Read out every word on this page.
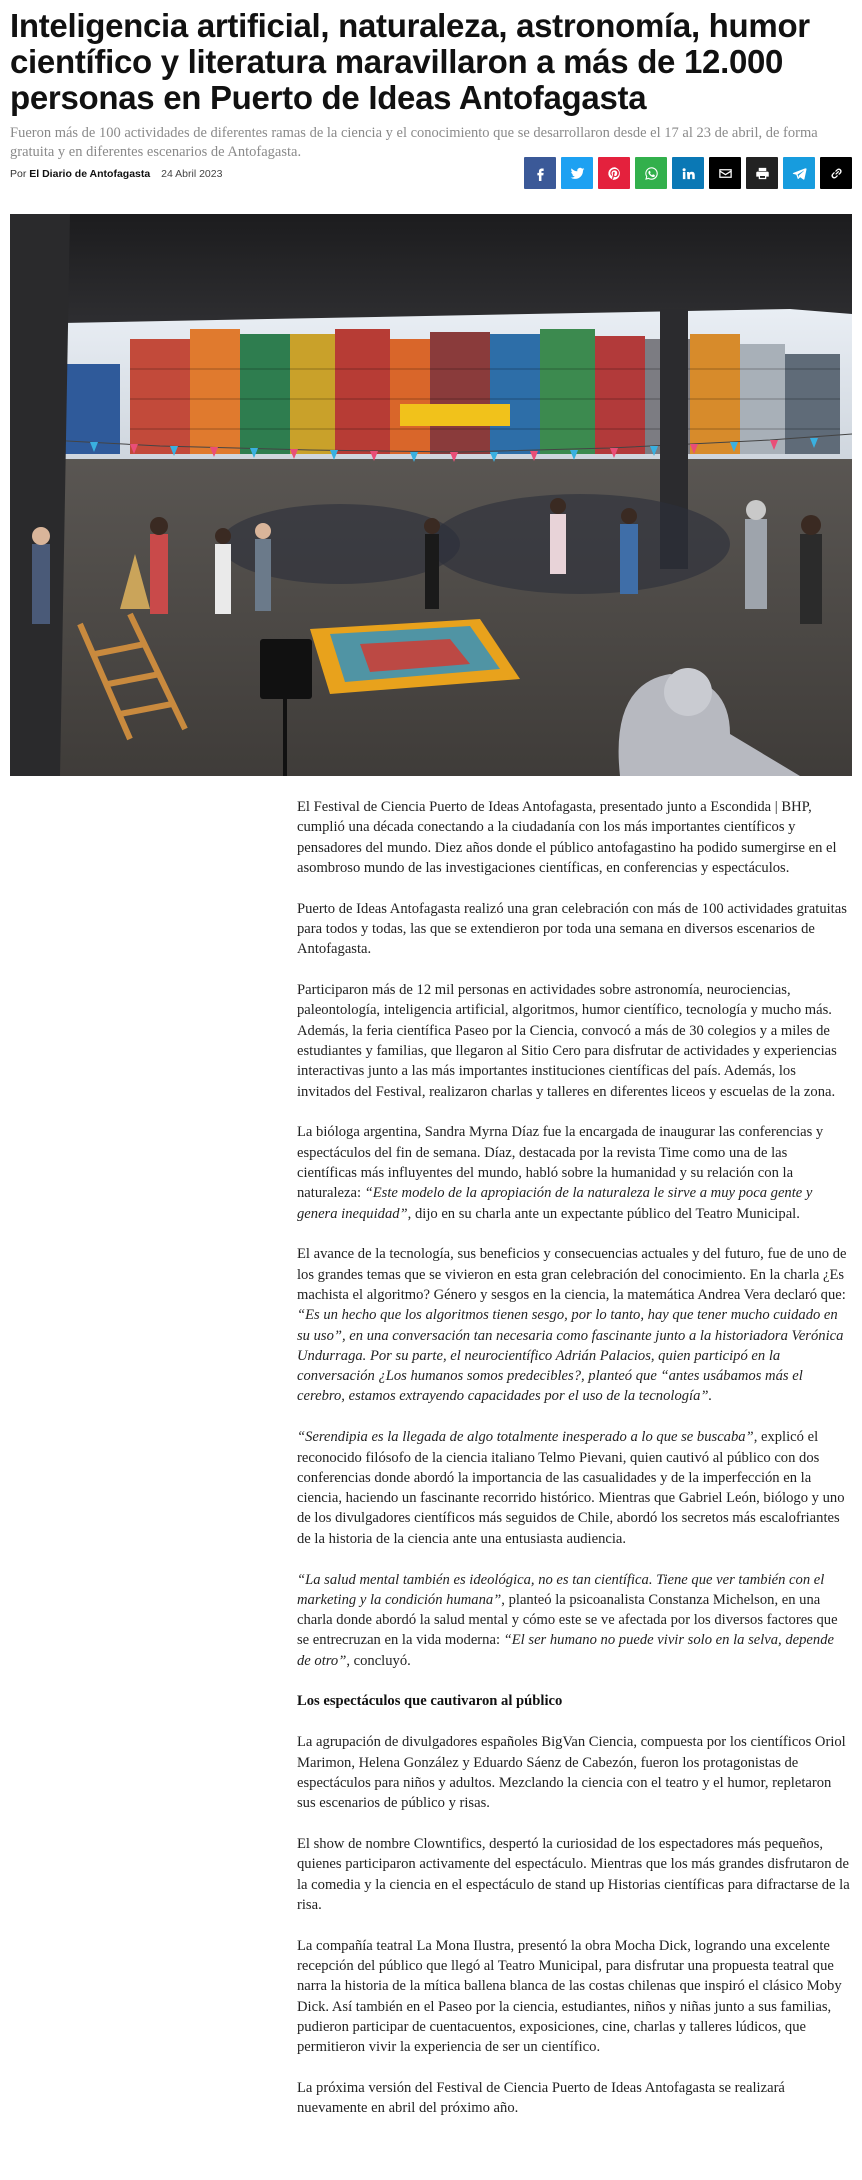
Inteligencia artificial, naturaleza, astronomía, humor científico y literatura maravillaron a más de 12.000 personas en Puerto de Ideas Antofagasta

Fueron más de 100 actividades de diferentes ramas de la ciencia y el conocimiento que se desarrollaron desde el 17 al 23 de abril, de forma gratuita y en diferentes escenarios de Antofagasta.

Por El Diario de Antofagasta 24 Abril 2023

El Festival de Ciencia Puerto de Ideas Antofagasta, presentado junto a Escondida | BHP, cumplió una década conectando a la ciudadanía con los más importantes científicos y pensadores del mundo. Diez años donde el público antofagastino ha podido sumergirse en el asombroso mundo de las investigaciones científicas, en conferencias y espectáculos.

Puerto de Ideas Antofagasta realizó una gran celebración con más de 100 actividades gratuitas para todos y todas, las que se extendieron por toda una semana en diversos escenarios de Antofagasta.

Participaron más de 12 mil personas en actividades sobre astronomía, neurociencias, paleontología, inteligencia artificial, algoritmos, humor científico, tecnología y mucho más. Además, la feria científica Paseo por la Ciencia, convocó a más de 30 colegios y a miles de estudiantes y familias, que llegaron al Sitio Cero para disfrutar de actividades y experiencias interactivas junto a las más importantes instituciones científicas del país. Además, los invitados del Festival, realizaron charlas y talleres en diferentes liceos y escuelas de la zona.

La bióloga argentina, Sandra Myrna Díaz fue la encargada de inaugurar las conferencias y espectáculos del fin de semana. Díaz, destacada por la revista Time como una de las científicas más influyentes del mundo, habló sobre la humanidad y su relación con la naturaleza: “Este modelo de la apropiación de la naturaleza le sirve a muy poca gente y genera inequidad”, dijo en su charla ante un expectante público del Teatro Municipal.

El avance de la tecnología, sus beneficios y consecuencias actuales y del futuro, fue de uno de los grandes temas que se vivieron en esta gran celebración del conocimiento. En la charla ¿Es machista el algoritmo? Género y sesgos en la ciencia, la matemática Andrea Vera declaró que: “Es un hecho que los algoritmos tienen sesgo, por lo tanto, hay que tener mucho cuidado en su uso”, en una conversación tan necesaria como fascinante junto a la historiadora Verónica Undurraga. Por su parte, el neurocientífico Adrián Palacios, quien participó en la conversación ¿Los humanos somos predecibles?, planteó que “antes usábamos más el cerebro, estamos extrayendo capacidades por el uso de la tecnología”.

“Serendipia es la llegada de algo totalmente inesperado a lo que se buscaba”, explicó el reconocido filósofo de la ciencia italiano Telmo Pievani, quien cautivó al público con dos conferencias donde abordó la importancia de las casualidades y de la imperfección en la ciencia, haciendo un fascinante recorrido histórico. Mientras que Gabriel León, biólogo y uno de los divulgadores científicos más seguidos de Chile, abordó los secretos más escalofriantes de la historia de la ciencia ante una entusiasta audiencia.

“La salud mental también es ideológica, no es tan científica. Tiene que ver también con el marketing y la condición humana”, planteó la psicoanalista Constanza Michelson, en una charla donde abordó la salud mental y cómo este se ve afectada por los diversos factores que se entrecruzan en la vida moderna: “El ser humano no puede vivir solo en la selva, depende de otro”, concluyó.

Los espectáculos que cautivaron al público

La agrupación de divulgadores españoles BigVan Ciencia, compuesta por los científicos Oriol Marimon, Helena González y Eduardo Sáenz de Cabezón, fueron los protagonistas de espectáculos para niños y adultos. Mezclando la ciencia con el teatro y el humor, repletaron sus escenarios de público y risas.

El show de nombre Clowntifics, despertó la curiosidad de los espectadores más pequeños, quienes participaron activamente del espectáculo. Mientras que los más grandes disfrutaron de la comedia y la ciencia en el espectáculo de stand up Historias científicas para difractarse de la risa.

La compañía teatral La Mona Ilustra, presentó la obra Mocha Dick, logrando una excelente recepción del público que llegó al Teatro Municipal, para disfrutar una propuesta teatral que narra la historia de la mítica ballena blanca de las costas chilenas que inspiró el clásico Moby Dick. Así también en el Paseo por la ciencia, estudiantes, niños y niñas junto a sus familias, pudieron participar de cuentacuentos, exposiciones, cine, charlas y talleres lúdicos, que permitieron vivir la experiencia de ser un científico.

La próxima versión del Festival de Ciencia Puerto de Ideas Antofagasta se realizará nuevamente en abril del próximo año.
